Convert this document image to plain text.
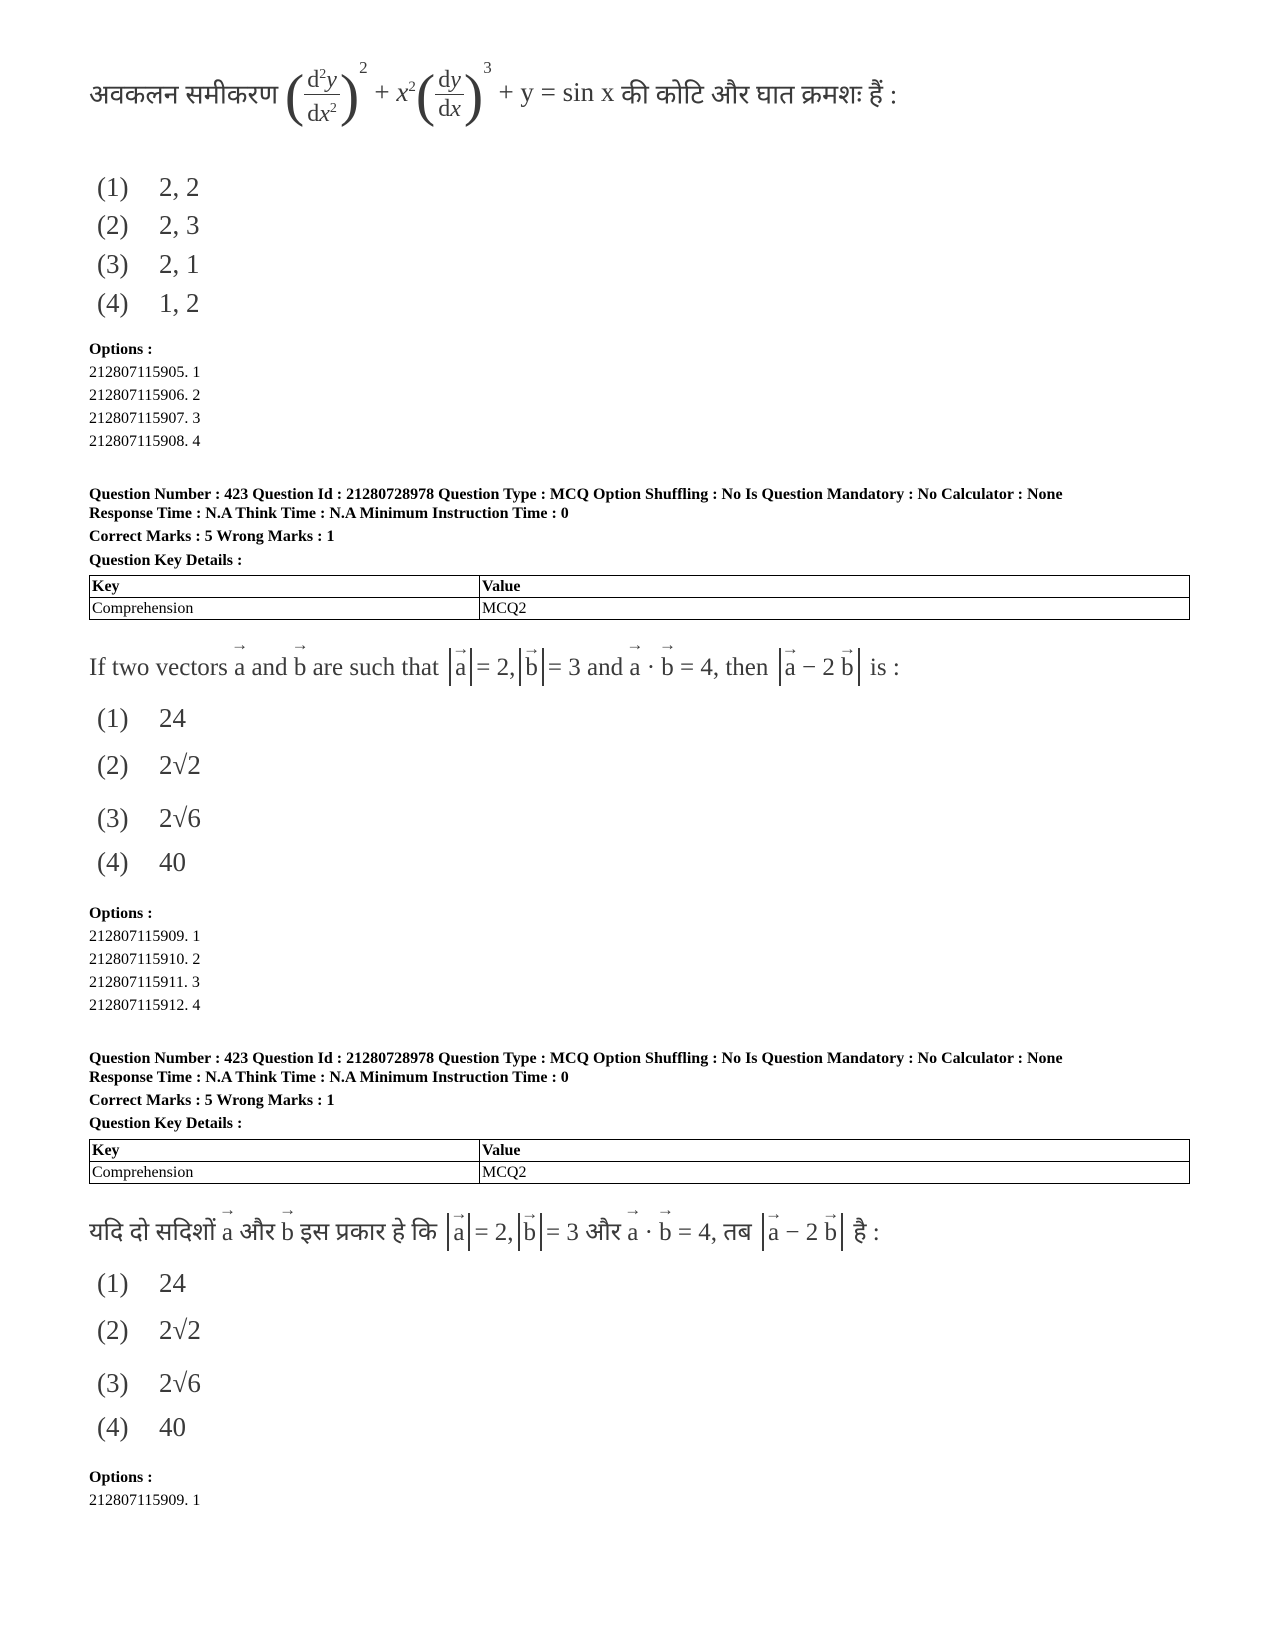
अवकलन समीकरण ( $\frac{d^2y}{dx^2} )^2 + x^2( \frac{dy}{dx} )^3 + y = \sin x$ की कोटि और घात क्रमशः हैं :
(1) 2, 2
(2) 2, 3
(3) 2, 1
(4) 1, 2
Options :
212807115905. 1
212807115906. 2
212807115907. 3
212807115908. 4
Question Number : 423 Question Id : 21280728978 Question Type : MCQ Option Shuffling : No Is Question Mandatory : No Calculator : None
Response Time : N.A Think Time : N.A Minimum Instruction Time : 0
Correct Marks : 5 Wrong Marks : 1
Question Key Details :
Key	Value
Comprehension	MCQ2
If two vectors → a and → b are such that → a = 2, → b = 3 and → a · → b = 4, then → a − 2 → b is :
(1) 24
(2) 2√2
(3) 2√6
(4) 40
Options :
212807115909. 1
212807115910. 2
212807115911. 3
212807115912. 4
Question Number : 423 Question Id : 21280728978 Question Type : MCQ Option Shuffling : No Is Question Mandatory : No Calculator : None
Response Time : N.A Think Time : N.A Minimum Instruction Time : 0
Correct Marks : 5 Wrong Marks : 1
Question Key Details :
Key	Value
Comprehension	MCQ2
यदि दो सदिशों → a और → b इस प्रकार हे कि → a = 2, → b = 3 और → a · → b = 4, तब → a − 2 → b है :
(1) 24
(2) 2√2
(3) 2√6
(4) 40
Options :
212807115909. 1
